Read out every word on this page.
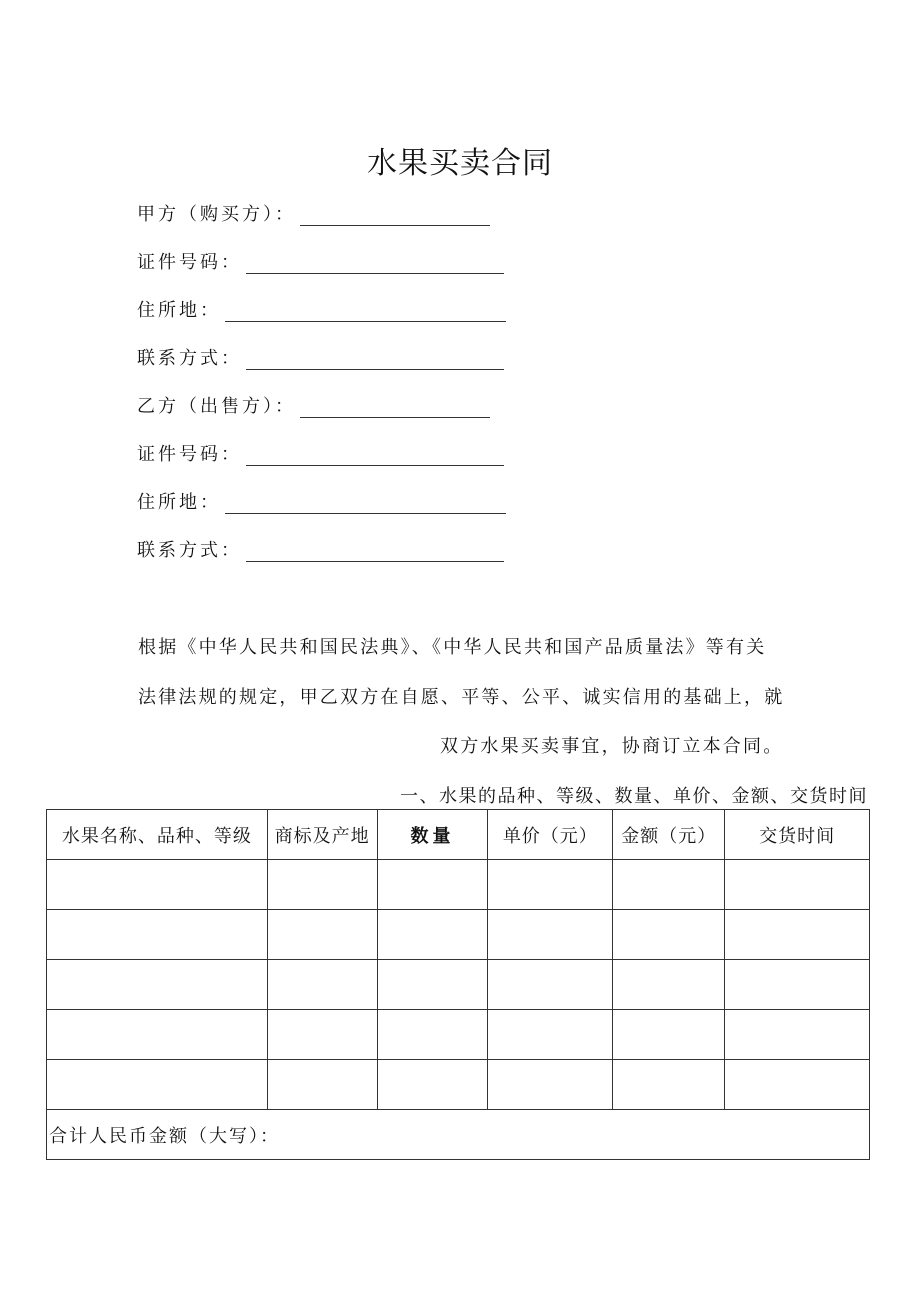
水果买卖合同
甲方（购买方）：
证件号码：
住所地：
联系方式：
乙方（出售方）：
证件号码：
住所地：
联系方式：
根据《中华人民共和国民法典》、《中华人民共和国产品质量法》等有关
法律法规的规定，甲乙双方在自愿、平等、公平、诚实信用的基础上，就
双方水果买卖事宜，协商订立本合同。
一、水果的品种、等级、数量、单价、金额、交货时间
水果名称、品种、等级	商标及产地	数量	单价（元）	金额（元）	交货时间

合计人民币金额（大写）：					
